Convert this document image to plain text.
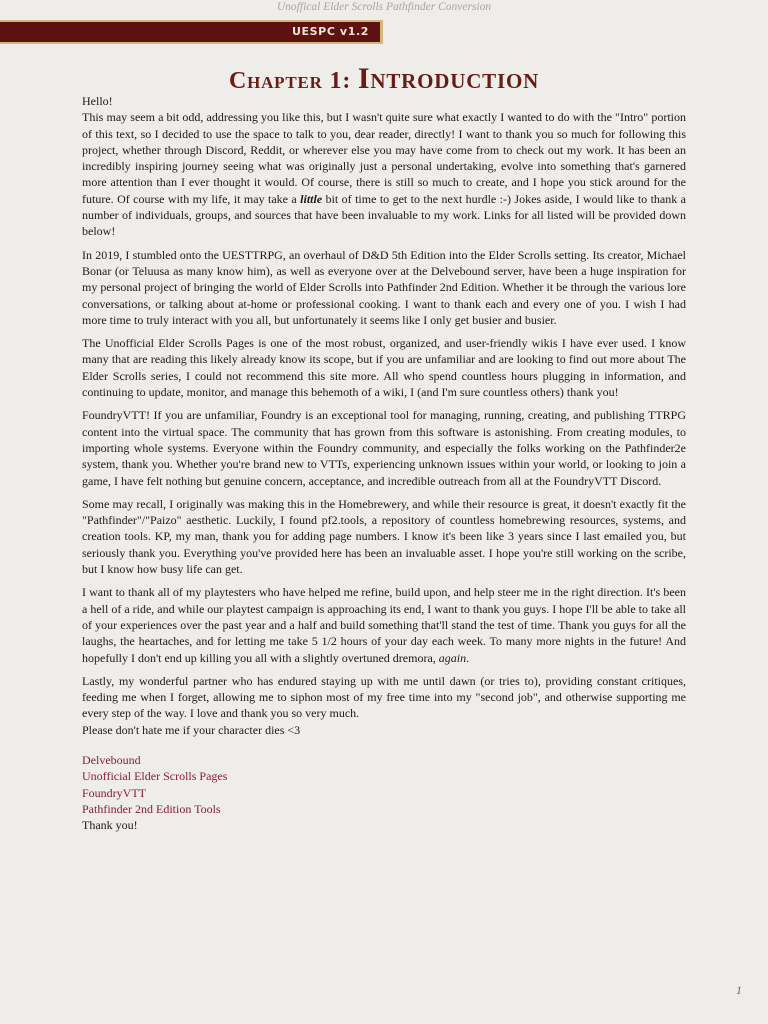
Unoffical Elder Scrolls Pathfinder Conversion
UESPC v1.2
Chapter 1: Introduction

Hello!

This may seem a bit odd, addressing you like this, but I wasn't quite sure what exactly I wanted to do with the "Intro" portion of this text, so I decided to use the space to talk to you, dear reader, directly! I want to thank you so much for following this project, whether through Discord, Reddit, or wherever else you may have come from to check out my work. It has been an incredibly inspiring journey seeing what was originally just a personal undertaking, evolve into something that's garnered more attention than I ever thought it would. Of course, there is still so much to create, and I hope you stick around for the future. Of course with my life, it may take a little bit of time to get to the next hurdle :-) Jokes aside, I would like to thank a number of individuals, groups, and sources that have been invaluable to my work. Links for all listed will be provided down below!

In 2019, I stumbled onto the UESTTRPG, an overhaul of D&D 5th Edition into the Elder Scrolls setting. Its creator, Michael Bonar (or Teluusa as many know him), as well as everyone over at the Delvebound server, have been a huge inspiration for my personal project of bringing the world of Elder Scrolls into Pathfinder 2nd Edition. Whether it be through the various lore conversations, or talking about at-home or professional cooking. I want to thank each and every one of you. I wish I had more time to truly interact with you all, but unfortunately it seems like I only get busier and busier.

The Unofficial Elder Scrolls Pages is one of the most robust, organized, and user-friendly wikis I have ever used. I know many that are reading this likely already know its scope, but if you are unfamiliar and are looking to find out more about The Elder Scrolls series, I could not recommend this site more. All who spend countless hours plugging in information, and continuing to update, monitor, and manage this behemoth of a wiki, I (and I'm sure countless others) thank you!

FoundryVTT! If you are unfamiliar, Foundry is an exceptional tool for managing, running, creating, and publishing TTRPG content into the virtual space. The community that has grown from this software is astonishing. From creating modules, to importing whole systems. Everyone within the Foundry community, and especially the folks working on the Pathfinder2e system, thank you. Whether you're brand new to VTTs, experiencing unknown issues within your world, or looking to join a game, I have felt nothing but genuine concern, acceptance, and incredible outreach from all at the FoundryVTT Discord.

Some may recall, I originally was making this in the Homebrewery, and while their resource is great, it doesn't exactly fit the "Pathfinder"/"Paizo" aesthetic. Luckily, I found pf2.tools, a repository of countless homebrewing resources, systems, and creation tools. KP, my man, thank you for adding page numbers. I know it's been like 3 years since I last emailed you, but seriously thank you. Everything you've provided here has been an invaluable asset. I hope you're still working on the scribe, but I know how busy life can get.

I want to thank all of my playtesters who have helped me refine, build upon, and help steer me in the right direction. It's been a hell of a ride, and while our playtest campaign is approaching its end, I want to thank you guys. I hope I'll be able to take all of your experiences over the past year and a half and build something that'll stand the test of time. Thank you guys for all the laughs, the heartaches, and for letting me take 5 1/2 hours of your day each week. To many more nights in the future! And hopefully I don't end up killing you all with a slightly overtuned dremora, again.

Lastly, my wonderful partner who has endured staying up with me until dawn (or tries to), providing constant critiques, feeding me when I forget, allowing me to siphon most of my free time into my "second job", and otherwise supporting me every step of the way. I love and thank you so very much.

Please don't hate me if your character dies <3

Delvebound
Unofficial Elder Scrolls Pages
FoundryVTT
Pathfinder 2nd Edition Tools
Thank you!
1
